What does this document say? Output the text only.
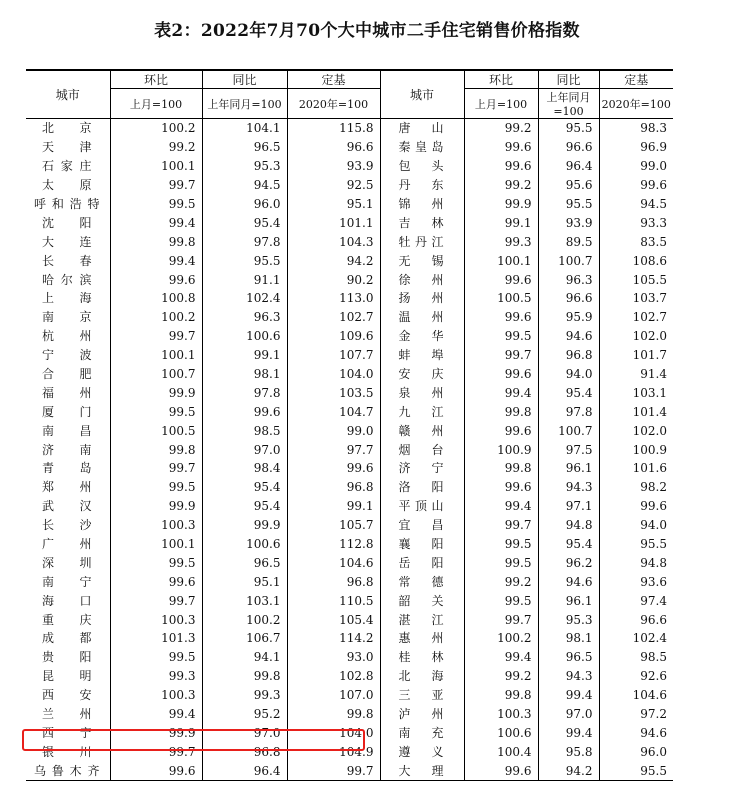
表2：2022年7月70个大中城市二手住宅销售价格指数
城市	环比	同比	定基	城市	环比	同比	定基
	上月=100	上年同月=100	2020年=100		上月=100	上年同月=100	2020年=100
北　京	100.2	104.1	115.8	唐　山	99.2	95.5	98.3
天　津	99.2	96.5	96.6	秦皇岛	99.6	96.6	96.9
石家庄	100.1	95.3	93.9	包　头	99.6	96.4	99.0
太　原	99.7	94.5	92.5	丹　东	99.2	95.6	99.6
呼和浩特	99.5	96.0	95.1	锦　州	99.9	95.5	94.5
沈　阳	99.4	95.4	101.1	吉　林	99.1	93.9	93.3
大　连	99.8	97.8	104.3	牡丹江	99.3	89.5	83.5
长　春	99.4	95.5	94.2	无　锡	100.1	100.7	108.6
哈尔滨	99.6	91.1	90.2	徐　州	99.6	96.3	105.5
上　海	100.8	102.4	113.0	扬　州	100.5	96.6	103.7
南　京	100.2	96.3	102.7	温　州	99.6	95.9	102.7
杭　州	99.7	100.6	109.6	金　华	99.5	94.6	102.0
宁　波	100.1	99.1	107.7	蚌　埠	99.7	96.8	101.7
合　肥	100.7	98.1	104.0	安　庆	99.6	94.0	91.4
福　州	99.9	97.8	103.5	泉　州	99.4	95.4	103.1
厦　门	99.5	99.6	104.7	九　江	99.8	97.8	101.4
南　昌	100.5	98.5	99.0	赣　州	99.6	100.7	102.0
济　南	99.8	97.0	97.7	烟　台	100.9	97.5	100.9
青　岛	99.7	98.4	99.6	济　宁	99.8	96.1	101.6
郑　州	99.5	95.4	96.8	洛　阳	99.6	94.3	98.2
武　汉	99.9	95.4	99.1	平顶山	99.4	97.1	99.6
长　沙	100.3	99.9	105.7	宜　昌	99.7	94.8	94.0
广　州	100.1	100.6	112.8	襄　阳	99.5	95.4	95.5
深　圳	99.5	96.5	104.6	岳　阳	99.5	96.2	94.8
南　宁	99.6	95.1	96.8	常　德	99.2	94.6	93.6
海　口	99.7	103.1	110.5	韶　关	99.5	96.1	97.4
重　庆	100.3	100.2	105.4	湛　江	99.7	95.3	96.6
成　都	101.3	106.7	114.2	惠　州	100.2	98.1	102.4
贵　阳	99.5	94.1	93.0	桂　林	99.4	96.5	98.5
昆　明	99.3	99.8	102.8	北　海	99.2	94.3	92.6
西　安	100.3	99.3	107.0	三　亚	99.8	99.4	104.6
兰　州	99.4	95.2	99.8	泸　州	100.3	97.0	97.2
西　宁	99.9	97.0	104.0	南　充	100.6	99.4	94.6
银　川	99.7	96.8	104.9	遵　义	100.4	95.8	96.0
乌鲁木齐	99.6	96.4	99.7	大　理	99.6	94.2	95.5
